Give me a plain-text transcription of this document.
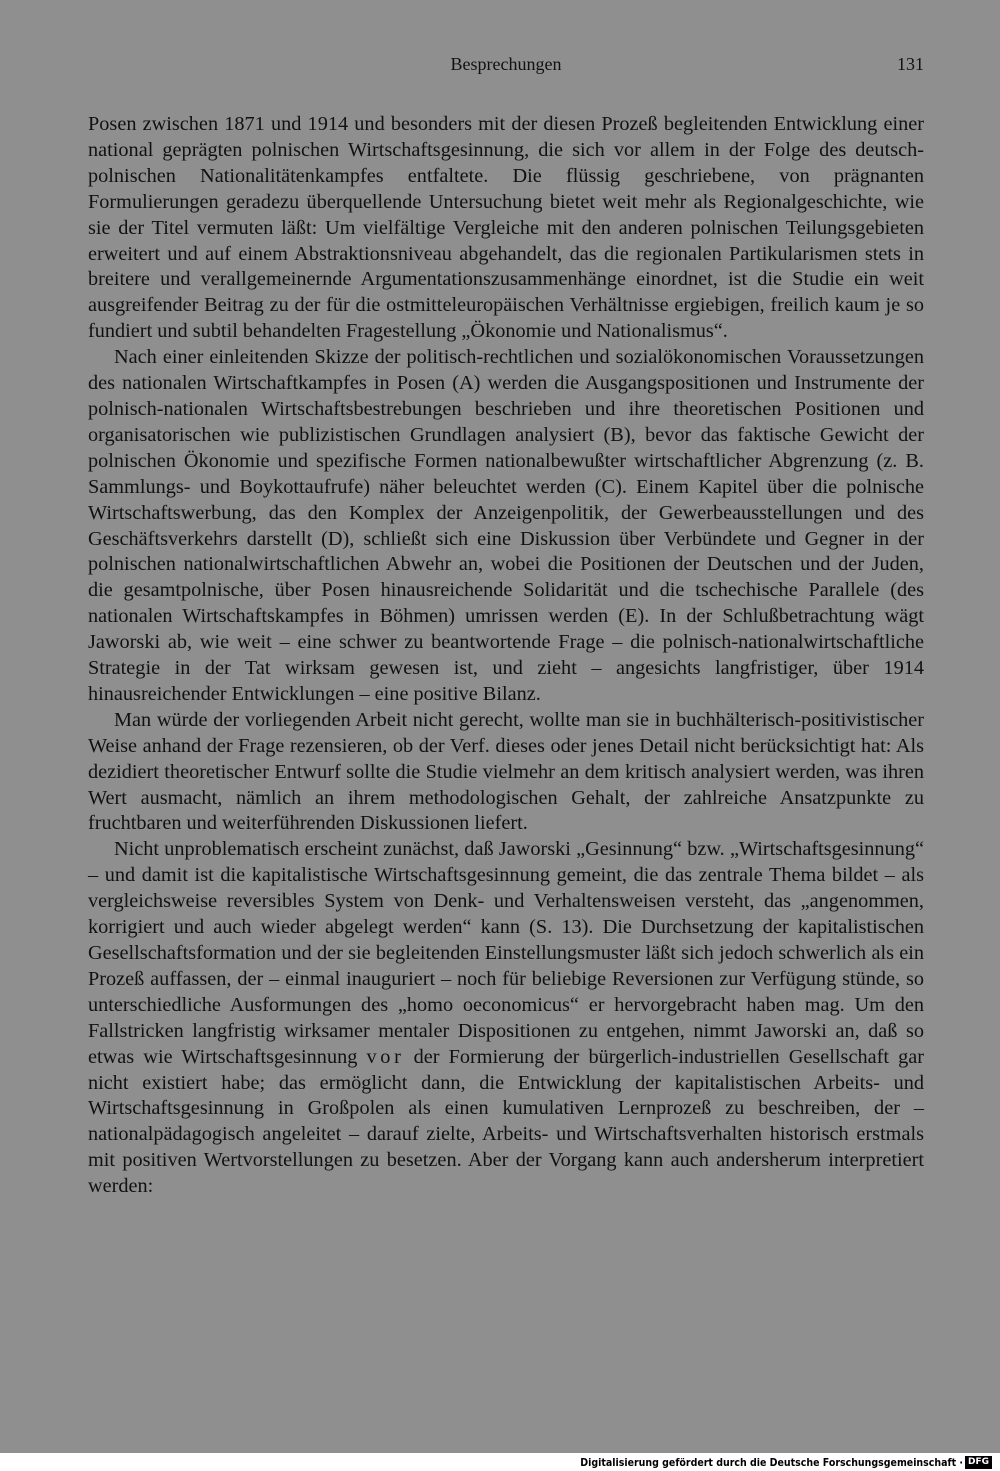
Besprechungen	131

Posen zwischen 1871 und 1914 und besonders mit der diesen Prozeß begleitenden Entwicklung einer national geprägten polnischen Wirtschaftsgesinnung, die sich vor allem in der Folge des deutsch-polnischen Nationalitätenkampfes entfaltete. Die flüssig geschriebene, von prägnanten Formulierungen geradezu überquellende Untersuchung bietet weit mehr als Regionalgeschichte, wie sie der Titel vermuten läßt: Um vielfältige Vergleiche mit den anderen polnischen Teilungsgebieten erweitert und auf einem Abstraktionsniveau abgehandelt, das die regionalen Partikularismen stets in breitere und verallgemeinernde Argumentationszusammenhänge einordnet, ist die Studie ein weit ausgreifender Beitrag zu der für die ostmitteleuropäischen Verhältnisse ergiebigen, freilich kaum je so fundiert und subtil behandelten Fragestellung „Ökonomie und Nationalismus“.

Nach einer einleitenden Skizze der politisch-rechtlichen und sozialökonomischen Voraussetzungen des nationalen Wirtschaftkampfes in Posen (A) werden die Ausgangspositionen und Instrumente der polnisch-nationalen Wirtschaftsbestrebungen beschrieben und ihre theoretischen Positionen und organisatorischen wie publizistischen Grundlagen analysiert (B), bevor das faktische Gewicht der polnischen Ökonomie und spezifische Formen nationalbewußter wirtschaftlicher Abgrenzung (z. B. Sammlungs- und Boykottaufrufe) näher beleuchtet werden (C). Einem Kapitel über die polnische Wirtschaftswerbung, das den Komplex der Anzeigenpolitik, der Gewerbeausstellungen und des Geschäftsverkehrs darstellt (D), schließt sich eine Diskussion über Verbündete und Gegner in der polnischen nationalwirtschaftlichen Abwehr an, wobei die Positionen der Deutschen und der Juden, die gesamtpolnische, über Posen hinausreichende Solidarität und die tschechische Parallele (des nationalen Wirtschaftskampfes in Böhmen) umrissen werden (E). In der Schlußbetrachtung wägt Jaworski ab, wie weit – eine schwer zu beantwortende Frage – die polnisch-nationalwirtschaftliche Strategie in der Tat wirksam gewesen ist, und zieht – angesichts langfristiger, über 1914 hinausreichender Entwicklungen – eine positive Bilanz.

Man würde der vorliegenden Arbeit nicht gerecht, wollte man sie in buchhälterisch-positivistischer Weise anhand der Frage rezensieren, ob der Verf. dieses oder jenes Detail nicht berücksichtigt hat: Als dezidiert theoretischer Entwurf sollte die Studie vielmehr an dem kritisch analysiert werden, was ihren Wert ausmacht, nämlich an ihrem methodologischen Gehalt, der zahlreiche Ansatzpunkte zu fruchtbaren und weiterführenden Diskussionen liefert.

Nicht unproblematisch erscheint zunächst, daß Jaworski „Gesinnung“ bzw. „Wirtschaftsgesinnung“ – und damit ist die kapitalistische Wirtschaftsgesinnung gemeint, die das zentrale Thema bildet – als vergleichsweise reversibles System von Denk- und Verhaltensweisen versteht, das „angenommen, korrigiert und auch wieder abgelegt werden“ kann (S. 13). Die Durchsetzung der kapitalistischen Gesellschaftsformation und der sie begleitenden Einstellungsmuster läßt sich jedoch schwerlich als ein Prozeß auffassen, der – einmal inauguriert – noch für beliebige Reversionen zur Verfügung stünde, so unterschiedliche Ausformungen des „homo oeconomicus“ er hervorgebracht haben mag. Um den Fallstricken langfristig wirksamer mentaler Dispositionen zu entgehen, nimmt Jaworski an, daß so etwas wie Wirtschaftsgesinnung vor der Formierung der bürgerlich-industriellen Gesellschaft gar nicht existiert habe; das ermöglicht dann, die Entwicklung der kapitalistischen Arbeits- und Wirtschaftsgesinnung in Großpolen als einen kumulativen Lernprozeß zu beschreiben, der – nationalpädagogisch angeleitet – darauf zielte, Arbeits- und Wirtschaftsverhalten historisch erstmals mit positiven Wertvorstellungen zu besetzen. Aber der Vorgang kann auch andersherum interpretiert werden:

Digitalisierung gefördert durch die Deutsche Forschungsgemeinschaft · DFG
